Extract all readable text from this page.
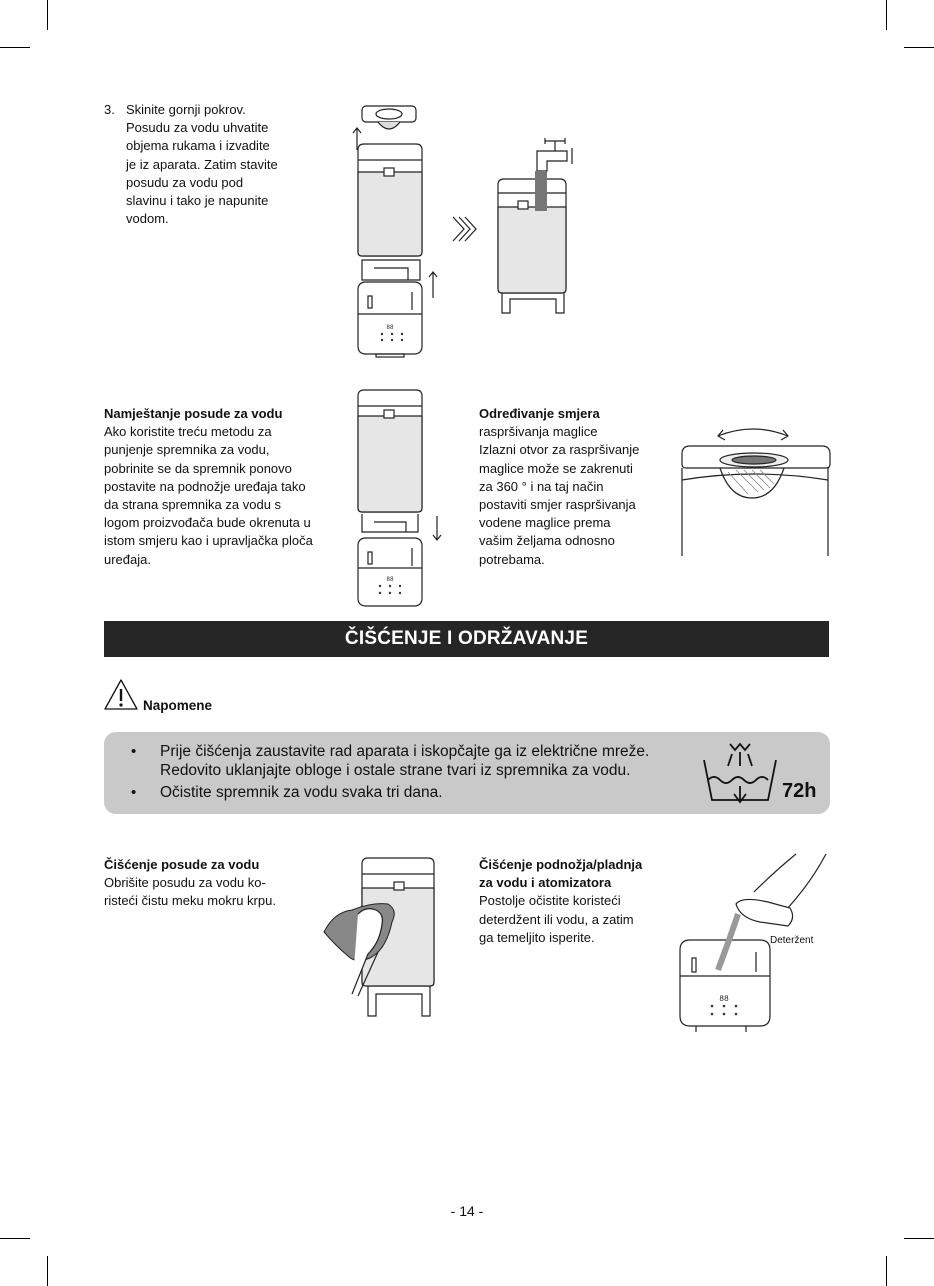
3. Skinite gornji pokrov.
Posudu za vodu uhvatite
objema rukama i izvadite
je iz aparata. Zatim stavite
posudu za vodu pod
slavinu i tako je napunite
vodom.
88
Namještanje posude za vodu
Ako koristite treću metodu za
punjenje spremnika za vodu,
pobrinite se da spremnik ponovo
postavite na podnožje uređaja tako
da strana spremnika za vodu s
logom proizvođača bude okrenuta u
istom smjeru kao i upravljačka ploča
uređaja.
88
Određivanje smjera
raspršivanja maglice
Izlazni otvor za raspršivanje
maglice može se zakrenuti
za 360 ° i na taj način
postaviti smjer raspršivanja
vodene maglice prema
vašim željama odnosno
potrebama.
ČIŠĆENJE I ODRŽAVANJE
Napomene
• Prije čišćenja zaustavite rad aparata i iskopčajte ga iz električne mreže.
Redovito uklanjajte obloge i ostale strane tvari iz spremnika za vodu.
• Očistite spremnik za vodu svaka tri dana.	72h
Čišćenje posude za vodu
Obrišite posudu za vodu ko-
risteći čistu meku mokru krpu.
Čišćenje podnožja/pladnja
za vodu i atomizatora
Postolje očistite koristeći
deterdžent ili vodu, a zatim
ga temeljito isperite.
88
Deteržent
- 14 -
